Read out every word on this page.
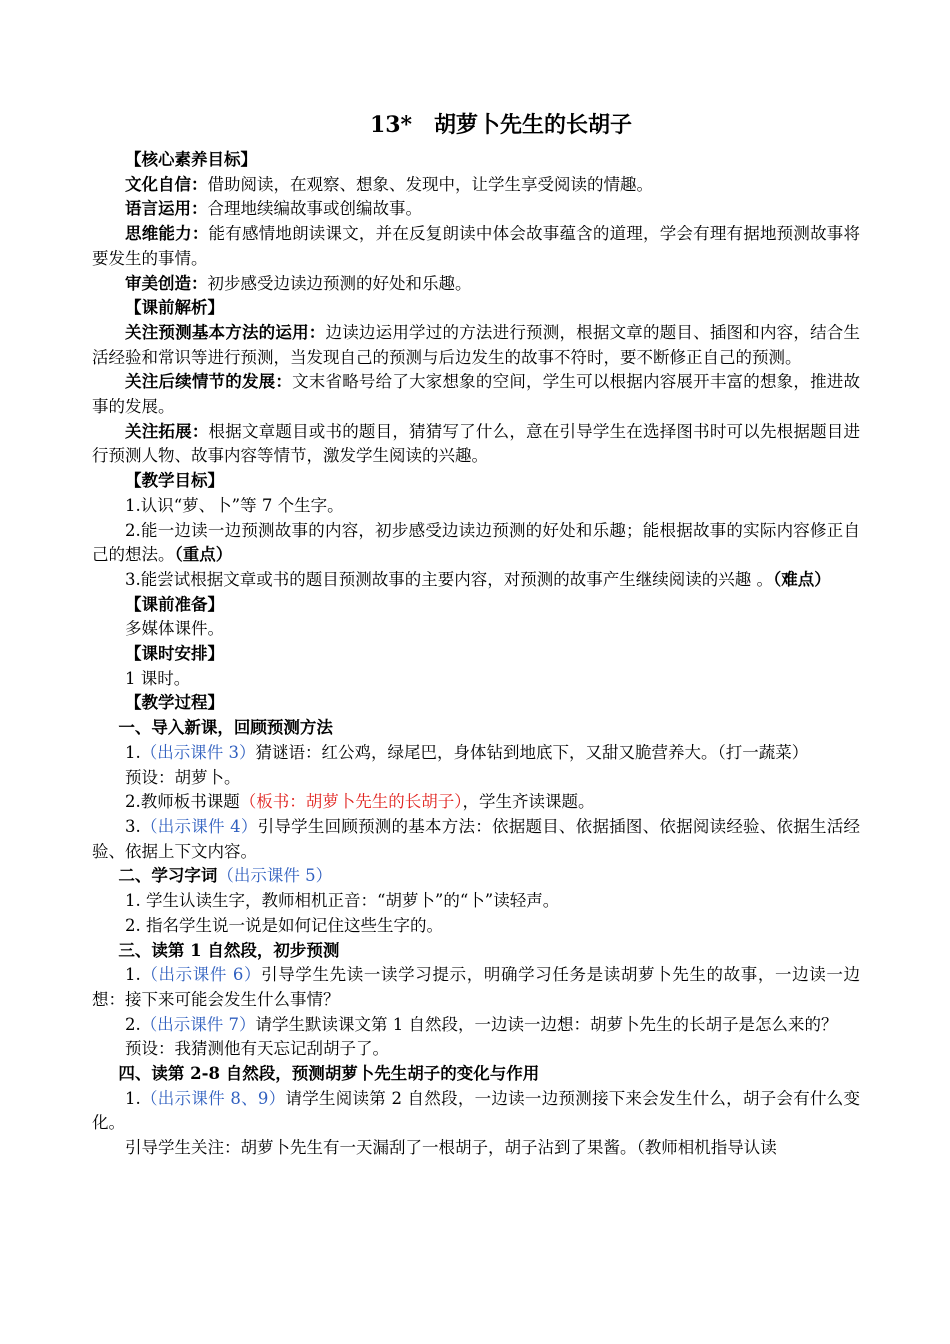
13*　胡萝卜先生的长胡子

【核心素养目标】

文化自信：借助阅读，在观察、想象、发现中，让学生享受阅读的情趣。

语言运用：合理地续编故事或创编故事。

思维能力：能有感情地朗读课文，并在反复朗读中体会故事蕴含的道理，学会有理有据地预测故事将要发生的事情。

审美创造：初步感受边读边预测的好处和乐趣。

【课前解析】

关注预测基本方法的运用：边读边运用学过的方法进行预测，根据文章的题目、插图和内容，结合生活经验和常识等进行预测，当发现自己的预测与后边发生的故事不符时，要不断修正自己的预测。

关注后续情节的发展：文末省略号给了大家想象的空间，学生可以根据内容展开丰富的想象，推进故事的发展。

关注拓展：根据文章题目或书的题目，猜猜写了什么，意在引导学生在选择图书时可以先根据题目进行预测人物、故事内容等情节，激发学生阅读的兴趣。

【教学目标】

1.认识“萝、卜”等 7 个生字。

2.能一边读一边预测故事的内容，初步感受边读边预测的好处和乐趣；能根据故事的实际内容修正自己的想法。（重点）

3.能尝试根据文章或书的题目预测故事的主要内容，对预测的故事产生继续阅读的兴趣 。（难点）

【课前准备】

多媒体课件。

【课时安排】

1 课时。

【教学过程】

一、导入新课，回顾预测方法

1.（出示课件 3）猜谜语：红公鸡，绿尾巴，身体钻到地底下，又甜又脆营养大。（打一蔬菜）

预设：胡萝卜。

2.教师板书课题（板书：胡萝卜先生的长胡子），学生齐读课题。

3.（出示课件 4）引导学生回顾预测的基本方法：依据题目、依据插图、依据阅读经验、依据生活经验、依据上下文内容。

二、学习字词（出示课件 5）

1. 学生认读生字，教师相机正音：“胡萝卜”的“卜”读轻声。

2. 指名学生说一说是如何记住这些生字的。

三、读第 1 自然段，初步预测

1.（出示课件 6）引导学生先读一读学习提示，明确学习任务是读胡萝卜先生的故事，一边读一边想：接下来可能会发生什么事情？

2.（出示课件 7）请学生默读课文第 1 自然段，一边读一边想：胡萝卜先生的长胡子是怎么来的？

预设：我猜测他有天忘记刮胡子了。

四、读第 2-8 自然段，预测胡萝卜先生胡子的变化与作用

1.（出示课件 8、9）请学生阅读第 2 自然段，一边读一边预测接下来会发生什么，胡子会有什么变化。

引导学生关注：胡萝卜先生有一天漏刮了一根胡子，胡子沾到了果酱。（教师相机指导认读
